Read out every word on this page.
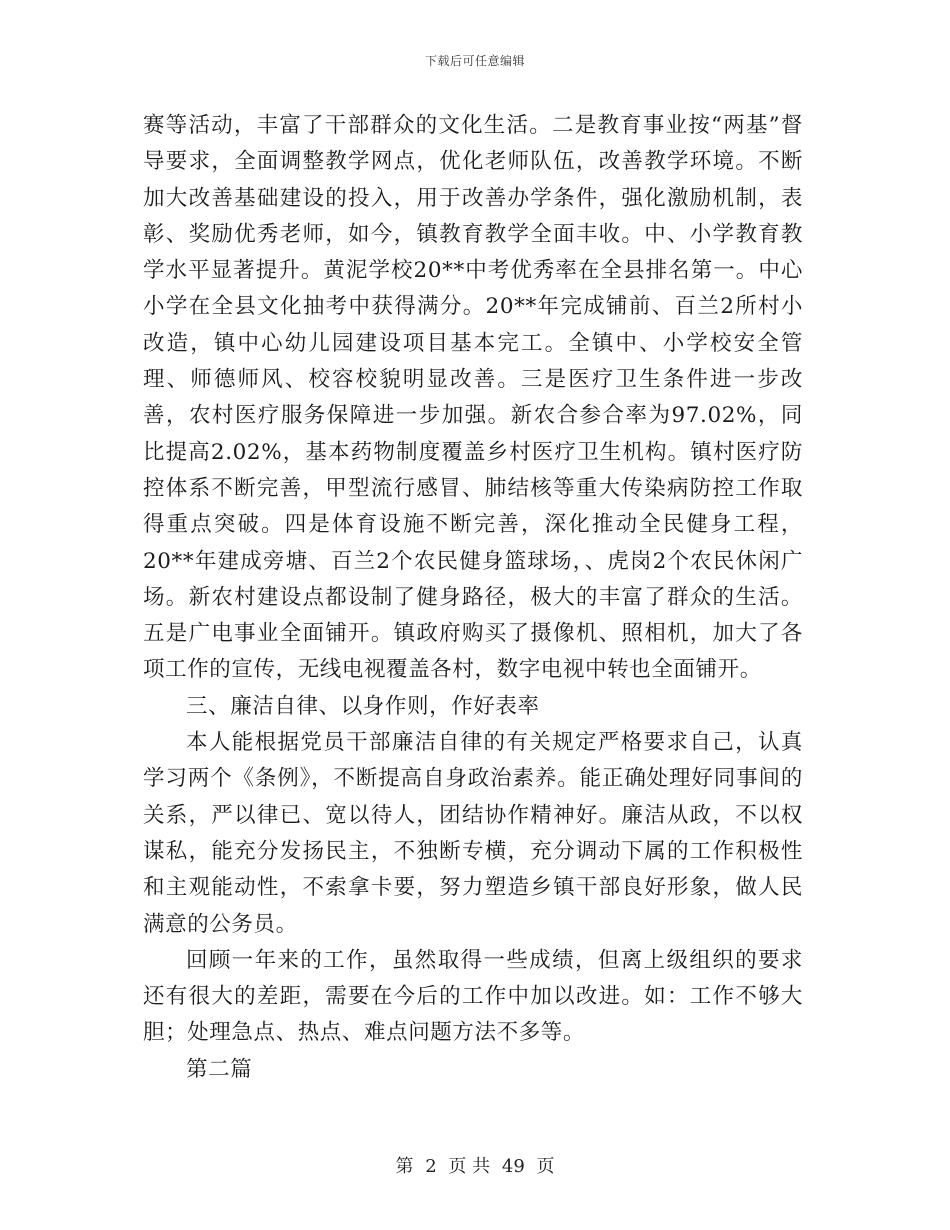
下载后可任意编辑

赛等活动，丰富了干部群众的文化生活。二是教育事业按“两基”督导要求，全面调整教学网点，优化老师队伍，改善教学环境。不断加大改善基础建设的投入，用于改善办学条件，强化激励机制，表彰、奖励优秀老师，如今，镇教育教学全面丰收。中、小学教育教学水平显著提升。黄泥学校20**中考优秀率在全县排名第一。中心小学在全县文化抽考中获得满分。20**年完成铺前、百兰2所村小改造，镇中心幼儿园建设项目基本完工。全镇中、小学校安全管理、师德师风、校容校貌明显改善。三是医疗卫生条件进一步改善，农村医疗服务保障进一步加强。新农合参合率为97.02%，同比提高2.02%，基本药物制度覆盖乡村医疗卫生机构。镇村医疗防控体系不断完善，甲型流行感冒、肺结核等重大传染病防控工作取得重点突破。四是体育设施不断完善，深化推动全民健身工程，20**年建成旁塘、百兰2个农民健身篮球场，、虎岗2个农民休闲广场。新农村建设点都设制了健身路径，极大的丰富了群众的生活。五是广电事业全面铺开。镇政府购买了摄像机、照相机，加大了各项工作的宣传，无线电视覆盖各村，数字电视中转也全面铺开。

三、廉洁自律、以身作则，作好表率

本人能根据党员干部廉洁自律的有关规定严格要求自己，认真学习两个《条例》，不断提高自身政治素养。能正确处理好同事间的关系，严以律已、宽以待人，团结协作精神好。廉洁从政，不以权谋私，能充分发扬民主，不独断专横，充分调动下属的工作积极性和主观能动性，不索拿卡要，努力塑造乡镇干部良好形象，做人民满意的公务员。

回顾一年来的工作，虽然取得一些成绩，但离上级组织的要求还有很大的差距，需要在今后的工作中加以改进。如：工作不够大胆；处理急点、热点、难点问题方法不多等。

第二篇

第 2 页 共 49 页
